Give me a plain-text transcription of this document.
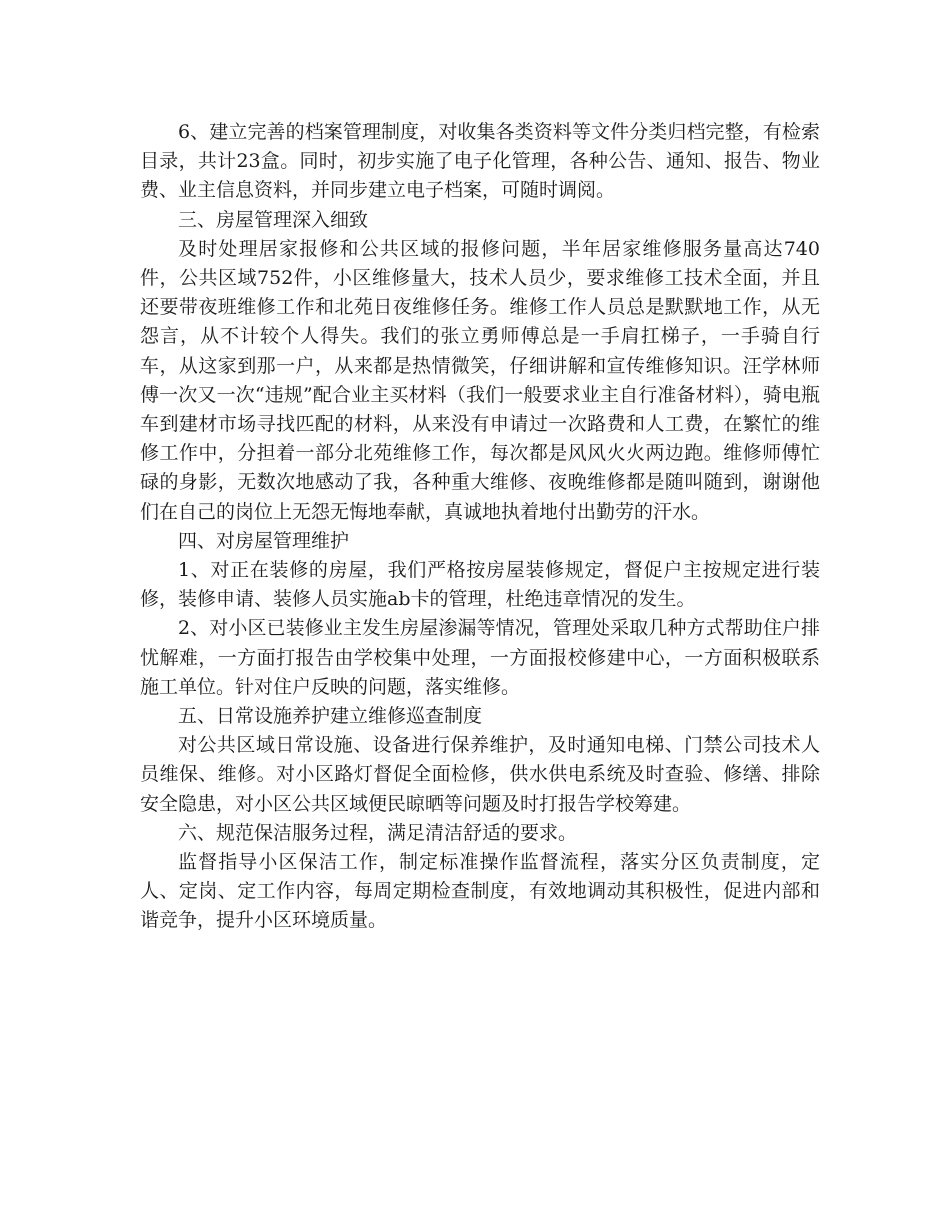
6、建立完善的档案管理制度，对收集各类资料等文件分类归档完整，有检索目录，共计23盒。同时，初步实施了电子化管理，各种公告、通知、报告、物业费、业主信息资料，并同步建立电子档案，可随时调阅。

三、房屋管理深入细致

及时处理居家报修和公共区域的报修问题，半年居家维修服务量高达740件，公共区域752件，小区维修量大，技术人员少，要求维修工技术全面，并且还要带夜班维修工作和北苑日夜维修任务。维修工作人员总是默默地工作，从无怨言，从不计较个人得失。我们的张立勇师傅总是一手肩扛梯子，一手骑自行车，从这家到那一户，从来都是热情微笑，仔细讲解和宣传维修知识。汪学林师傅一次又一次“违规”配合业主买材料（我们一般要求业主自行准备材料），骑电瓶车到建材市场寻找匹配的材料，从来没有申请过一次路费和人工费，在繁忙的维修工作中，分担着一部分北苑维修工作，每次都是风风火火两边跑。维修师傅忙碌的身影，无数次地感动了我，各种重大维修、夜晚维修都是随叫随到，谢谢他们在自己的岗位上无怨无悔地奉献，真诚地执着地付出勤劳的汗水。

四、对房屋管理维护

1、对正在装修的房屋，我们严格按房屋装修规定，督促户主按规定进行装修，装修申请、装修人员实施ab卡的管理，杜绝违章情况的发生。

2、对小区已装修业主发生房屋渗漏等情况，管理处采取几种方式帮助住户排忧解难，一方面打报告由学校集中处理，一方面报校修建中心，一方面积极联系施工单位。针对住户反映的问题，落实维修。

五、日常设施养护建立维修巡查制度

对公共区域日常设施、设备进行保养维护，及时通知电梯、门禁公司技术人员维保、维修。对小区路灯督促全面检修，供水供电系统及时查验、修缮、排除安全隐患，对小区公共区域便民晾晒等问题及时打报告学校筹建。

六、规范保洁服务过程，满足清洁舒适的要求。

监督指导小区保洁工作，制定标准操作监督流程，落实分区负责制度，定人、定岗、定工作内容，每周定期检查制度，有效地调动其积极性，促进内部和谐竞争，提升小区环境质量。
